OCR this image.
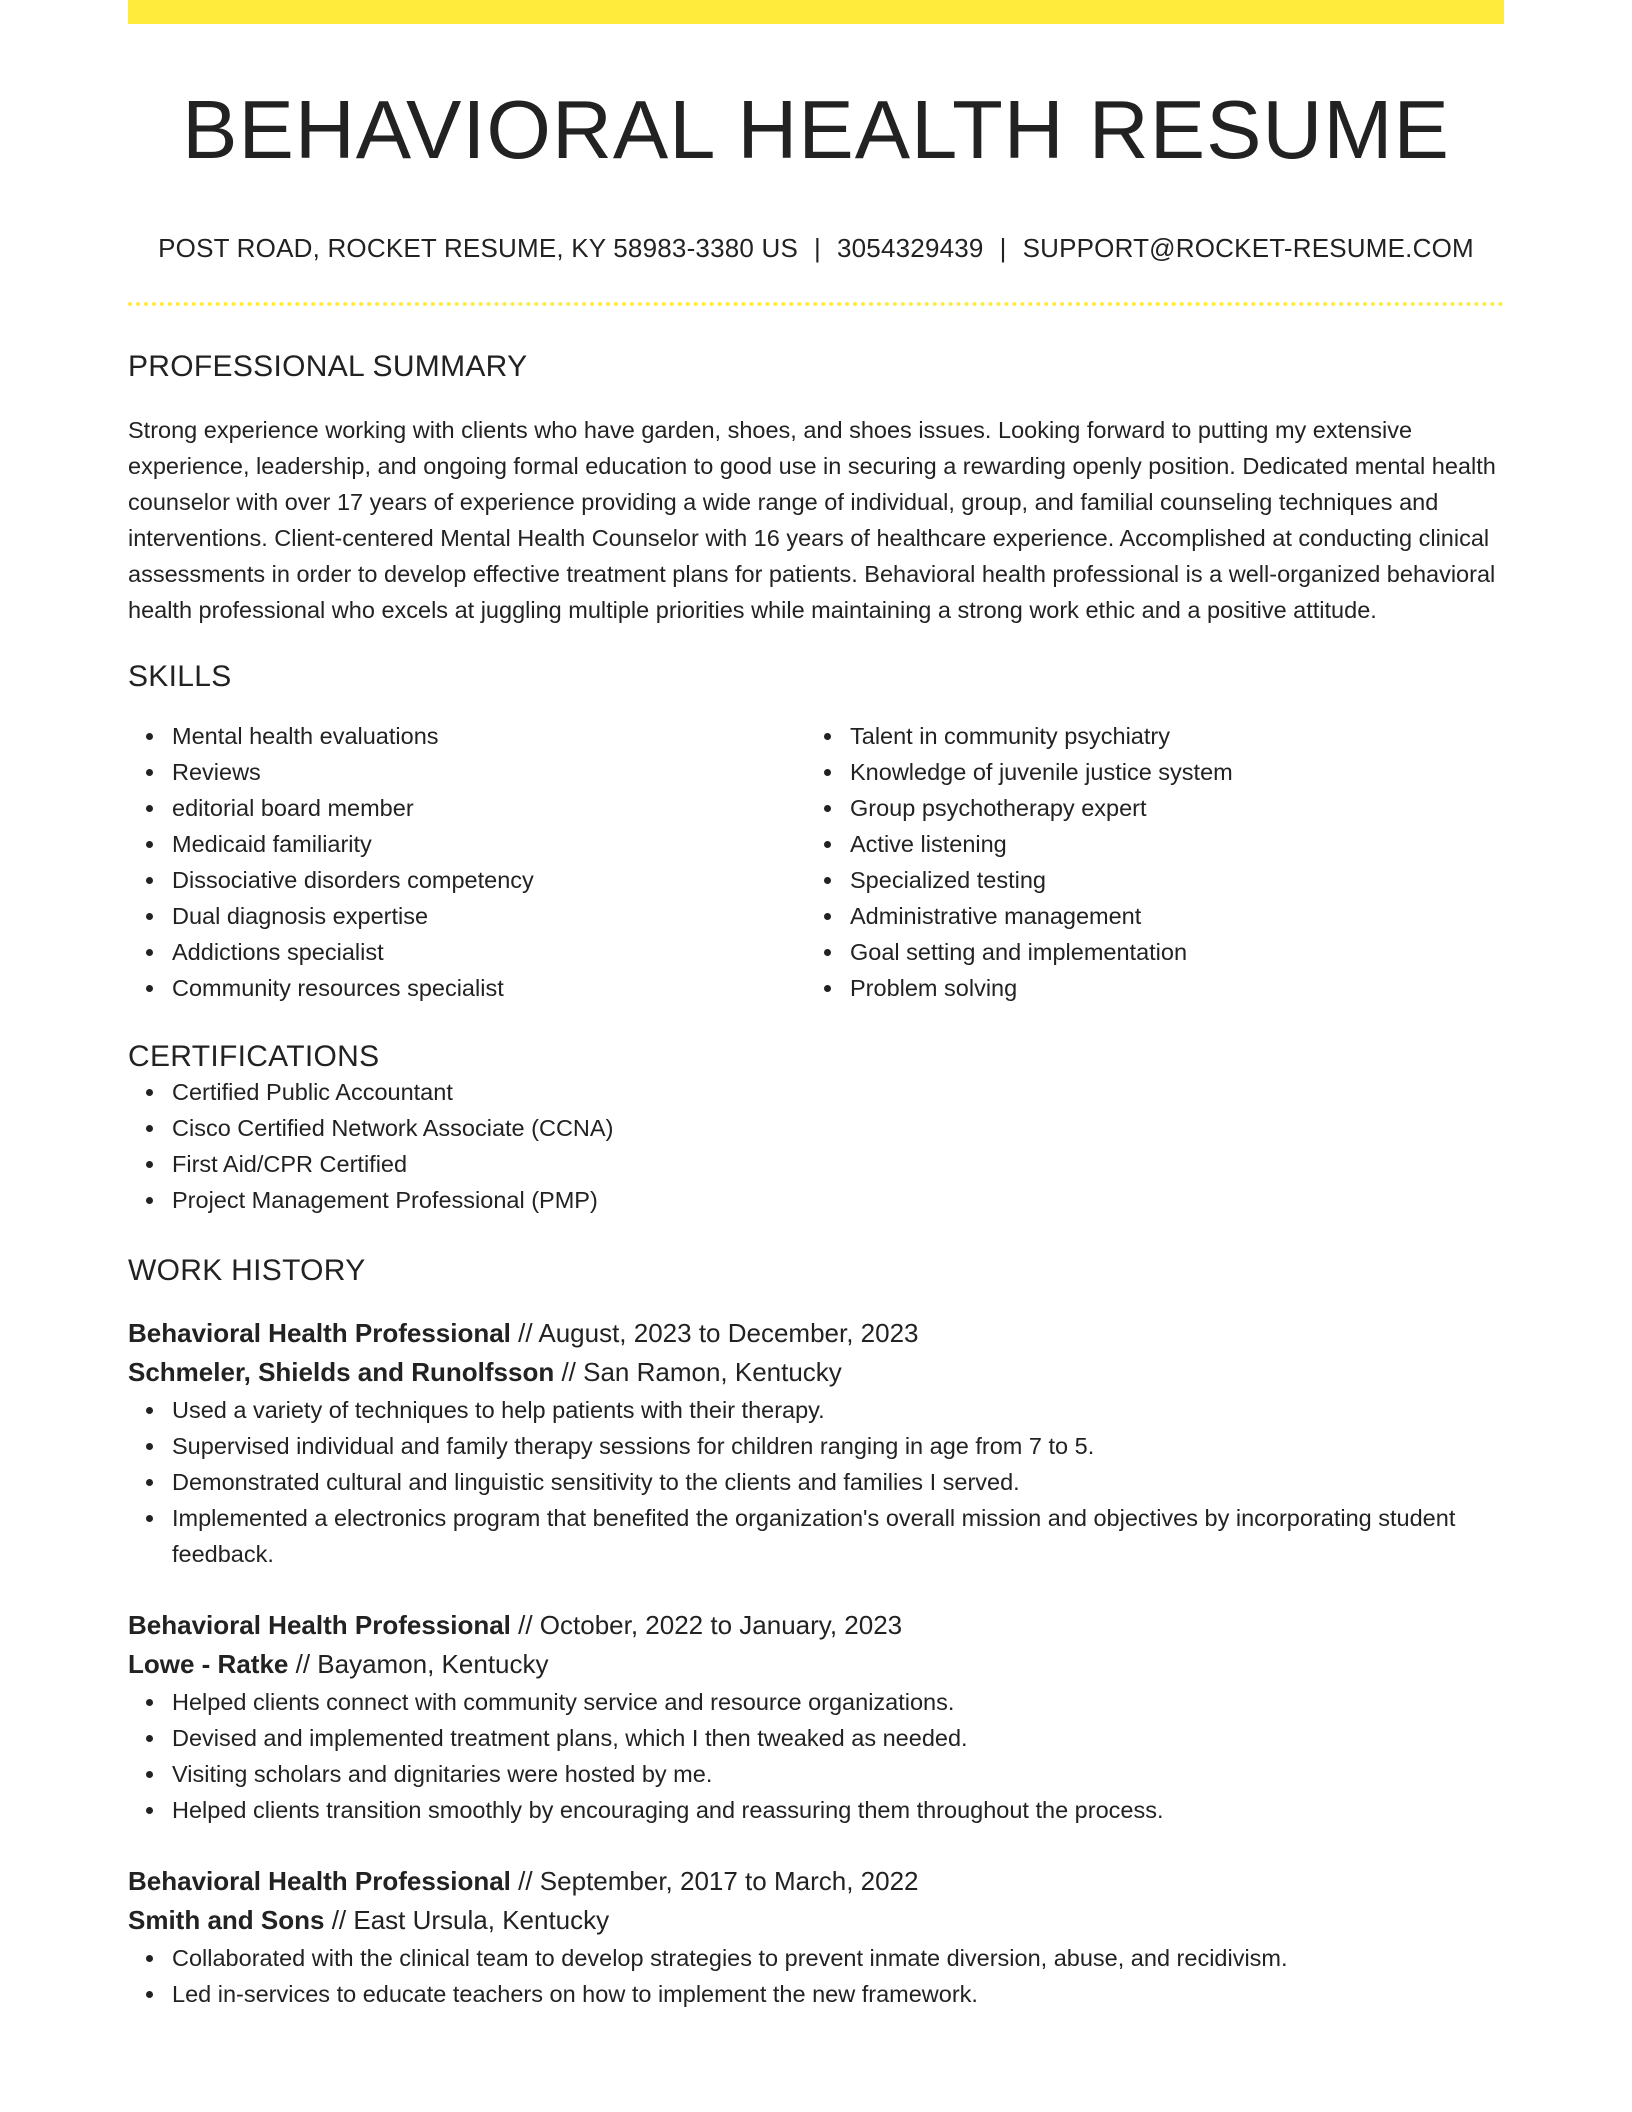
BEHAVIORAL HEALTH RESUME
POST ROAD, ROCKET RESUME, KY 58983-3380 US | 3054329439 | SUPPORT@ROCKET-RESUME.COM
PROFESSIONAL SUMMARY

Strong experience working with clients who have garden, shoes, and shoes issues. Looking forward to putting my extensive experience, leadership, and ongoing formal education to good use in securing a rewarding openly position. Dedicated mental health counselor with over 17 years of experience providing a wide range of individual, group, and familial counseling techniques and interventions. Client-centered Mental Health Counselor with 16 years of healthcare experience. Accomplished at conducting clinical assessments in order to develop effective treatment plans for patients. Behavioral health professional is a well-organized behavioral health professional who excels at juggling multiple priorities while maintaining a strong work ethic and a positive attitude.

SKILLS
Mental health evaluations
Reviews
editorial board member
Medicaid familiarity
Dissociative disorders competency
Dual diagnosis expertise
Addictions specialist
Community resources specialist
Talent in community psychiatry
Knowledge of juvenile justice system
Group psychotherapy expert
Active listening
Specialized testing
Administrative management
Goal setting and implementation
Problem solving
CERTIFICATIONS
Certified Public Accountant
Cisco Certified Network Associate (CCNA)
First Aid/CPR Certified
Project Management Professional (PMP)
WORK HISTORY
Behavioral Health Professional // August, 2023 to December, 2023
Schmeler, Shields and Runolfsson // San Ramon, Kentucky
Used a variety of techniques to help patients with their therapy.
Supervised individual and family therapy sessions for children ranging in age from 7 to 5.
Demonstrated cultural and linguistic sensitivity to the clients and families I served.
Implemented a electronics program that benefited the organization's overall mission and objectives by incorporating student feedback.
Behavioral Health Professional // October, 2022 to January, 2023
Lowe - Ratke // Bayamon, Kentucky
Helped clients connect with community service and resource organizations.
Devised and implemented treatment plans, which I then tweaked as needed.
Visiting scholars and dignitaries were hosted by me.
Helped clients transition smoothly by encouraging and reassuring them throughout the process.
Behavioral Health Professional // September, 2017 to March, 2022
Smith and Sons // East Ursula, Kentucky
Collaborated with the clinical team to develop strategies to prevent inmate diversion, abuse, and recidivism.
Led in-services to educate teachers on how to implement the new framework.
